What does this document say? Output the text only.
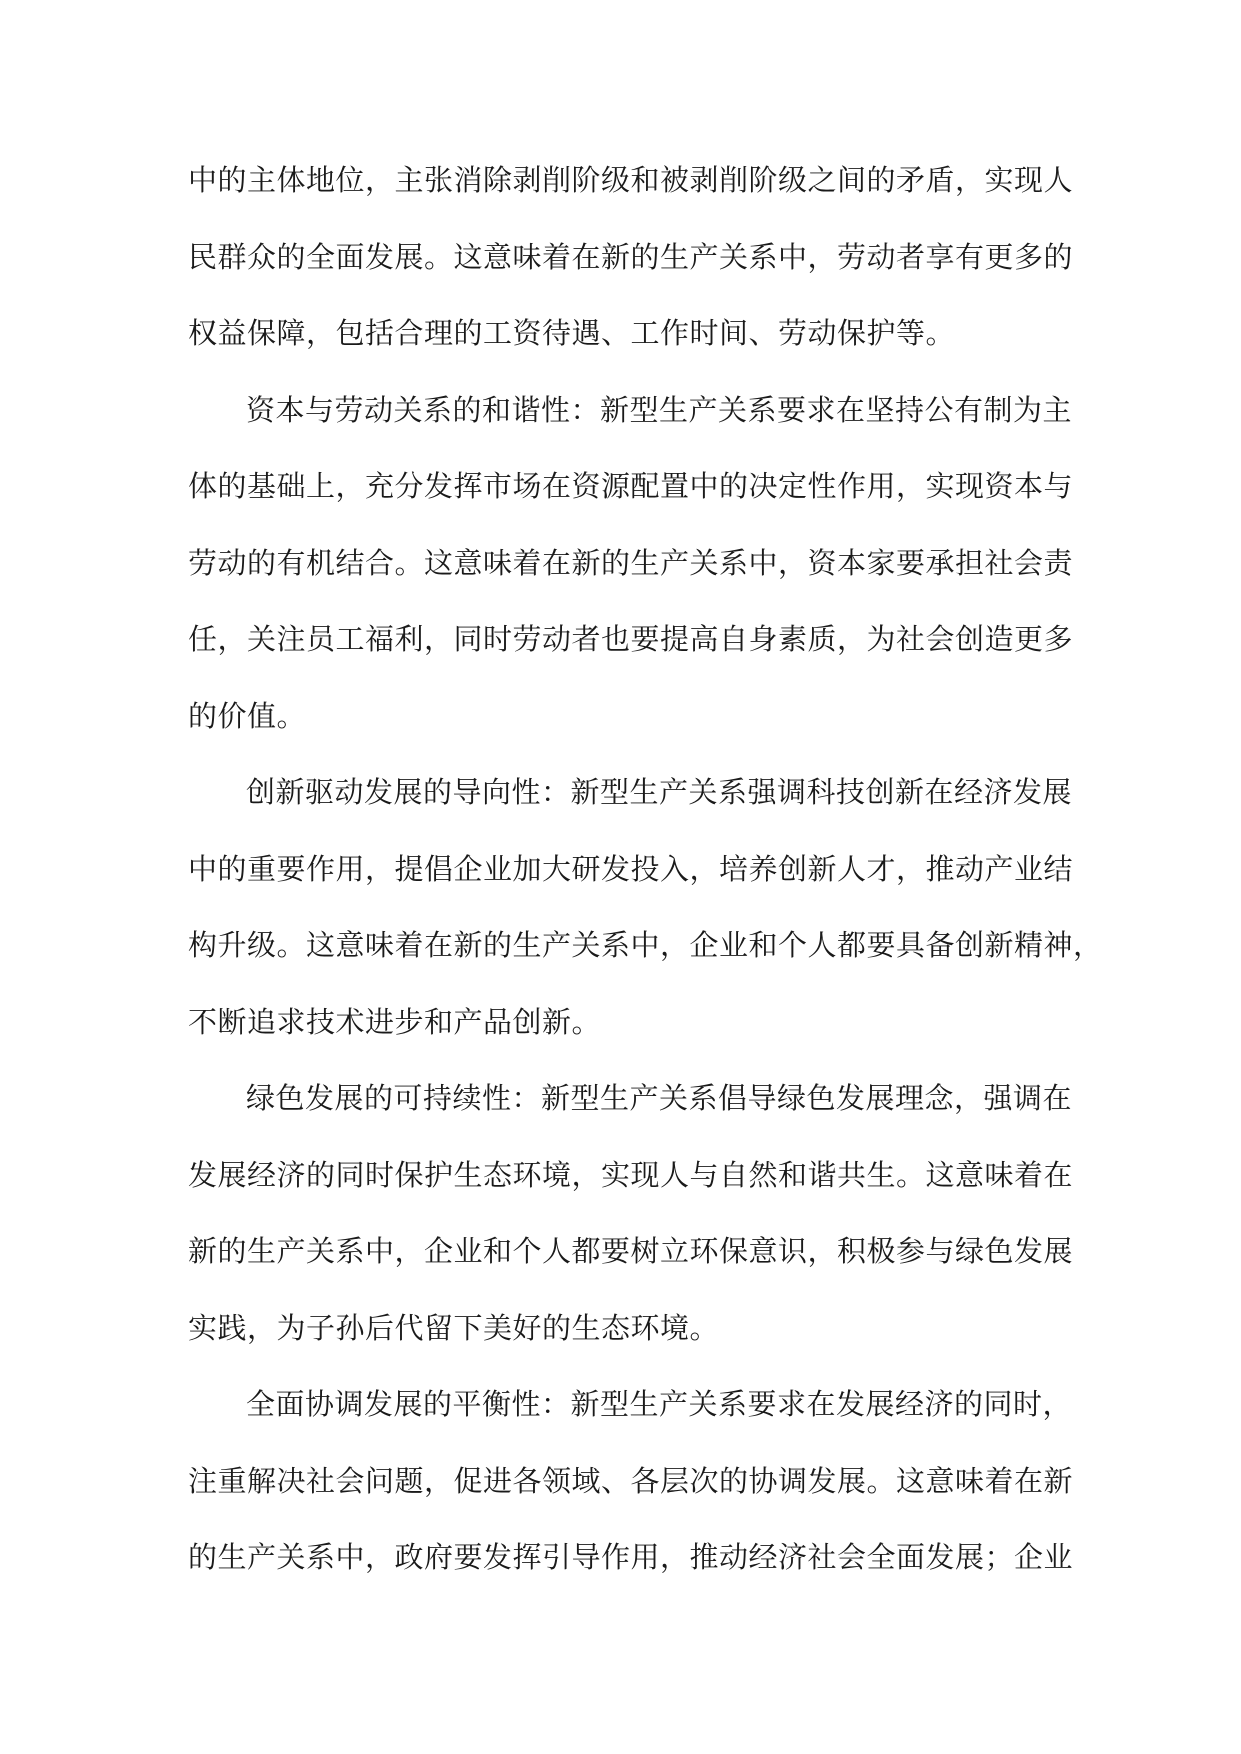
中的主体地位，主张消除剥削阶级和被剥削阶级之间的矛盾，实现人
民群众的全面发展。这意味着在新的生产关系中，劳动者享有更多的
权益保障，包括合理的工资待遇、工作时间、劳动保护等。
资本与劳动关系的和谐性：新型生产关系要求在坚持公有制为主
体的基础上，充分发挥市场在资源配置中的决定性作用，实现资本与
劳动的有机结合。这意味着在新的生产关系中，资本家要承担社会责
任，关注员工福利，同时劳动者也要提高自身素质，为社会创造更多
的价值。
创新驱动发展的导向性：新型生产关系强调科技创新在经济发展
中的重要作用，提倡企业加大研发投入，培养创新人才，推动产业结
构升级。这意味着在新的生产关系中，企业和个人都要具备创新精神，
不断追求技术进步和产品创新。
绿色发展的可持续性：新型生产关系倡导绿色发展理念，强调在
发展经济的同时保护生态环境，实现人与自然和谐共生。这意味着在
新的生产关系中，企业和个人都要树立环保意识，积极参与绿色发展
实践，为子孙后代留下美好的生态环境。
全面协调发展的平衡性：新型生产关系要求在发展经济的同时，
注重解决社会问题，促进各领域、各层次的协调发展。这意味着在新
的生产关系中，政府要发挥引导作用，推动经济社会全面发展；企业
